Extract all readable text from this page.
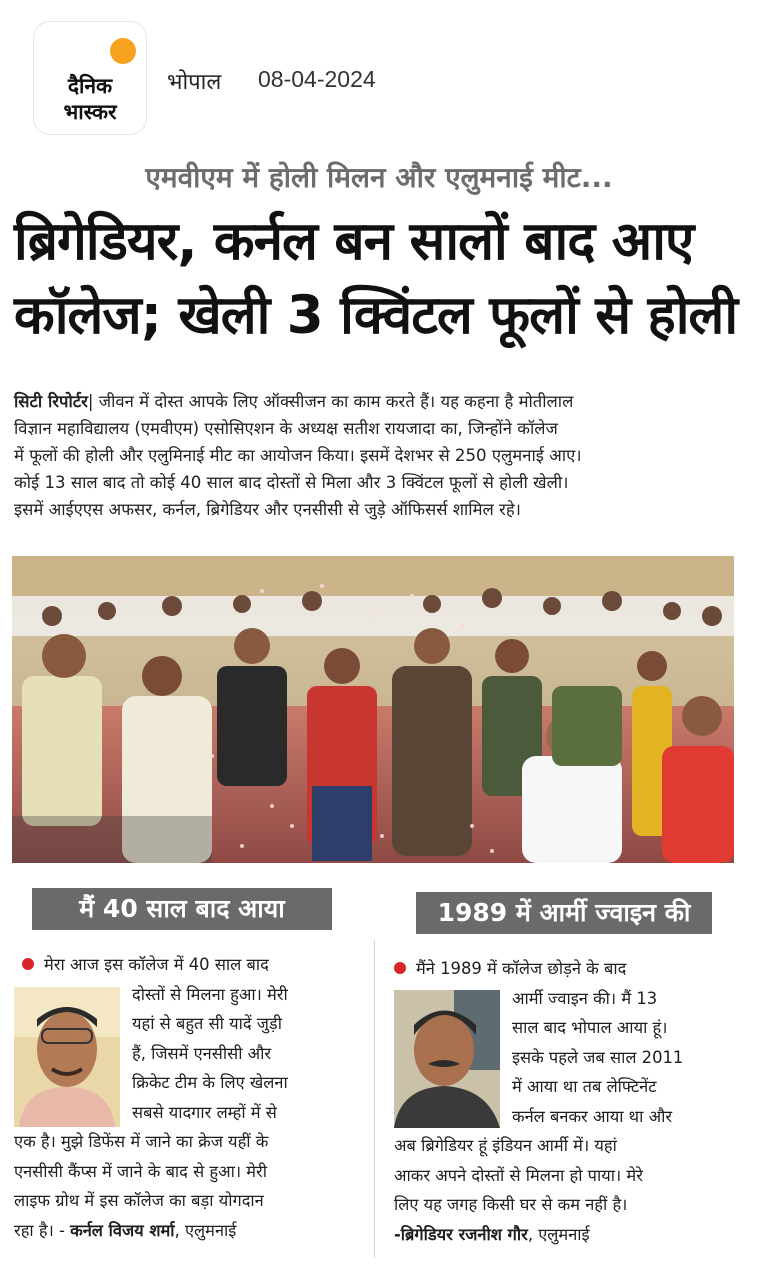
दैनिक
भास्कर
भोपाल 08-04-2024
एमवीएम में होली मिलन और एलुमनाई मीट...
ब्रिगेडियर, कर्नल बन सालों बाद आए
कॉलेज; खेली 3 क्विंटल फूलों से होली
सिटी रिपोर्टर| जीवन में दोस्त आपके लिए ऑक्सीजन का काम करते हैं। यह कहना है मोतीलाल
विज्ञान महाविद्यालय (एमवीएम) एसोसिएशन के अध्यक्ष सतीश रायजादा का, जिन्होंने कॉलेज
में फूलों की होली और एलुमिनाई मीट का आयोजन किया। इसमें देशभर से 250 एलुमनाई आए।
कोई 13 साल बाद तो कोई 40 साल बाद दोस्तों से मिला और 3 क्विंटल फूलों से होली खेली।
इसमें आईएएस अफसर, कर्नल, ब्रिगेडियर और एनसीसी से जुड़े ऑफिसर्स शामिल रहे।
मैं 40 साल बाद आया
मेरा आज इस कॉलेज में 40 साल बाद
दोस्तों से मिलना हुआ। मेरी
यहां से बहुत सी यादें जुड़ी
हैं, जिसमें एनसीसी और
क्रिकेट टीम के लिए खेलना
सबसे यादगार लम्हों में से
एक है। मुझे डिफेंस में जाने का क्रेज यहीं के
एनसीसी कैंप्स में जाने के बाद से हुआ। मेरी
लाइफ ग्रोथ में इस कॉलेज का बड़ा योगदान
रहा है। - कर्नल विजय शर्मा, एलुमनाई
1989 में आर्मी ज्वाइन की
मैंने 1989 में कॉलेज छोड़ने के बाद
आर्मी ज्वाइन की। मैं 13
साल बाद भोपाल आया हूं।
इसके पहले जब साल 2011
में आया था तब लेफ्टिनेंट
कर्नल बनकर आया था और
अब ब्रिगेडियर हूं इंडियन आर्मी में। यहां
आकर अपने दोस्तों से मिलना हो पाया। मेरे
लिए यह जगह किसी घर से कम नहीं है।
-ब्रिगेडियर रजनीश गौर, एलुमनाई
